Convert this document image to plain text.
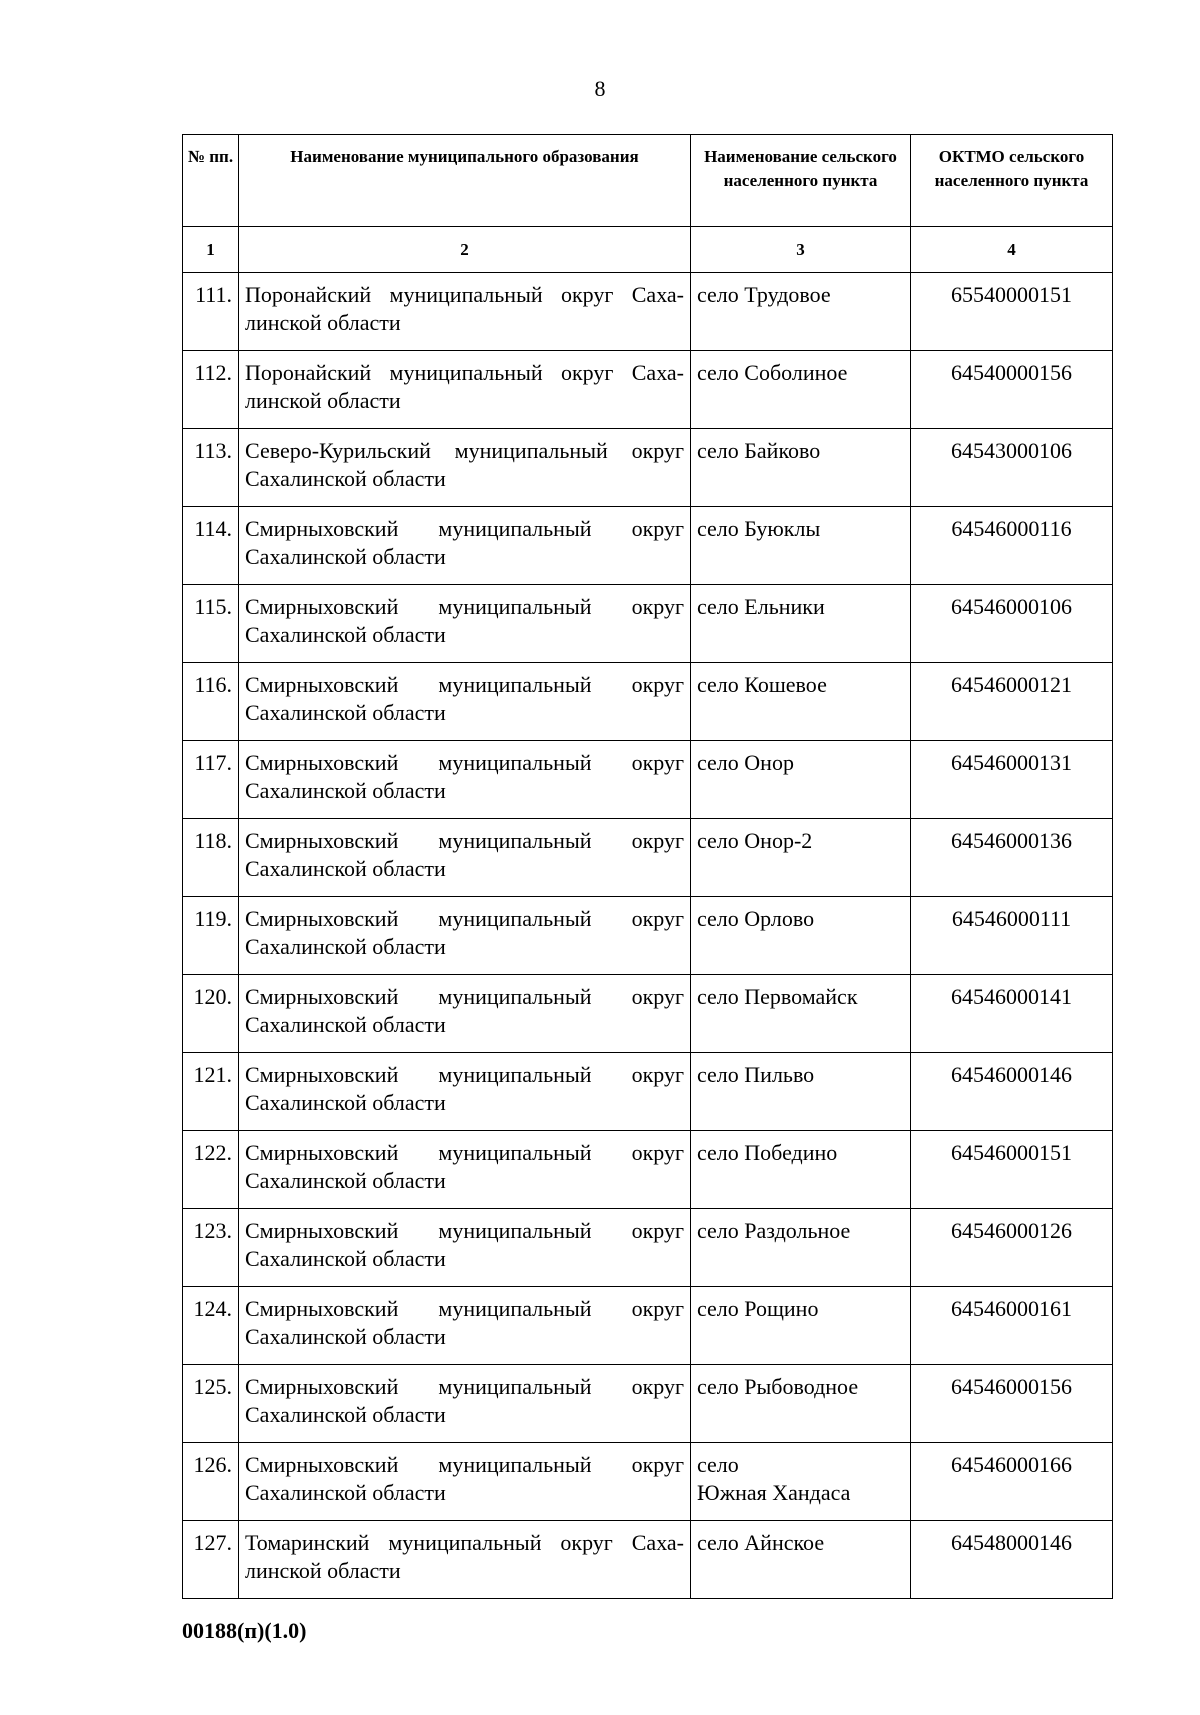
8
№ пп.	Наименование муниципального образования	Наименование сельского населенного пункта	ОКТМО сельского населенного пункта
1	2	3	4
111.	Поронайский муниципальный округ Саха-
линской области	село Трудовое	65540000151
112.	Поронайский муниципальный округ Саха-
линской области	село Соболиное	64540000156
113.	Северо-Курильский муниципальный округ
Сахалинской области	село Байково	64543000106
114.	Смирныховский муниципальный округ
Сахалинской области	село Буюклы	64546000116
115.	Смирныховский муниципальный округ
Сахалинской области	село Ельники	64546000106
116.	Смирныховский муниципальный округ
Сахалинской области	село Кошевое	64546000121
117.	Смирныховский муниципальный округ
Сахалинской области	село Онор	64546000131
118.	Смирныховский муниципальный округ
Сахалинской области	село Онор-2	64546000136
119.	Смирныховский муниципальный округ
Сахалинской области	село Орлово	64546000111
120.	Смирныховский муниципальный округ
Сахалинской области	село Первомайск	64546000141
121.	Смирныховский муниципальный округ
Сахалинской области	село Пильво	64546000146
122.	Смирныховский муниципальный округ
Сахалинской области	село Победино	64546000151
123.	Смирныховский муниципальный округ
Сахалинской области	село Раздольное	64546000126
124.	Смирныховский муниципальный округ
Сахалинской области	село Рощино	64546000161
125.	Смирныховский муниципальный округ
Сахалинской области	село Рыбоводное	64546000156
126.	Смирныховский муниципальный округ
Сахалинской области	село
Южная Хандаса	64546000166
127.	Томаринский муниципальный округ Саха-
линской области	село Айнское	64548000146
00188(п)(1.0)
